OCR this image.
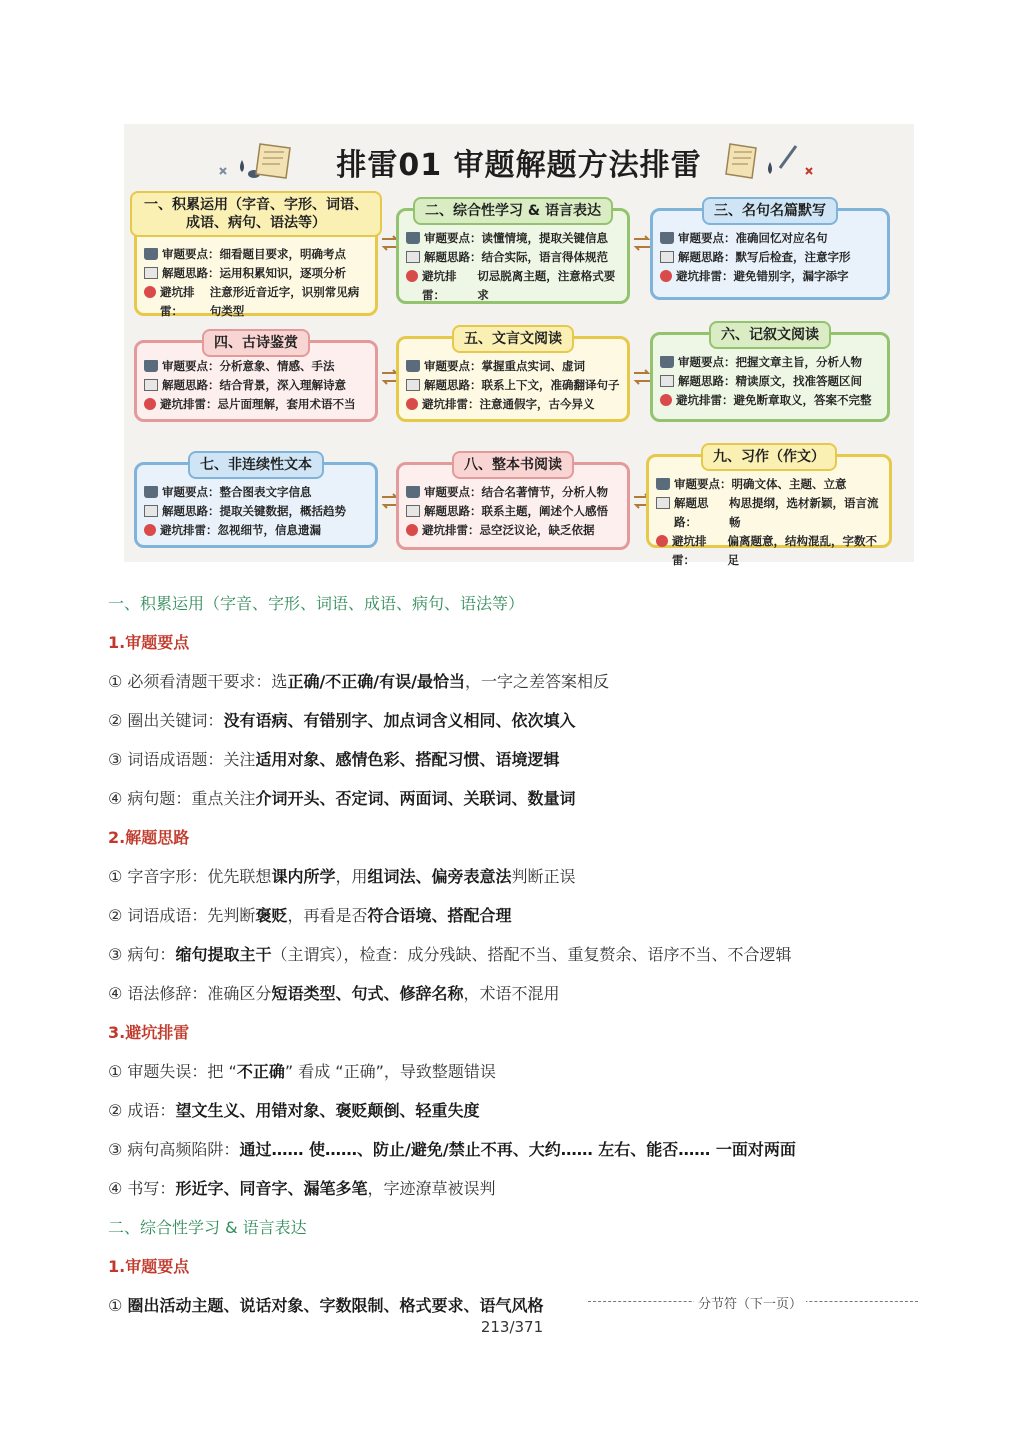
排雷01 审题解题方法排雷
一、积累运用（字音、字形、词语、成语、病句、语法等）
审题要点： 细看题目要求，明确考点
解题思路： 运用积累知识，逐项分析
避坑排雷：
注意形近音近字，识别常见病句类型
二、综合性学习 & 语言表达
审题要点： 读懂情境，提取关键信息
解题思路： 结合实际，语言得体规范
避坑排雷：
切忌脱离主题，注意格式要求
三、名句名篇默写
审题要点： 准确回忆对应名句
解题思路： 默写后检查，注意字形
避坑排雷： 避免错别字，漏字添字
四、古诗鉴赏
审题要点： 分析意象、情感、手法
解题思路： 结合背景，深入理解诗意
避坑排雷： 忌片面理解，套用术语不当
五、文言文阅读
审题要点： 掌握重点实词、虚词
解题思路： 联系上下文，准确翻译句子
避坑排雷： 注意通假字，古今异义
六、记叙文阅读
审题要点： 把握文章主旨，分析人物
解题思路： 精读原文，找准答题区间
避坑排雷： 避免断章取义，答案不完整
七、非连续性文本
审题要点： 整合图表文字信息
解题思路： 提取关键数据，概括趋势
避坑排雷： 忽视细节，信息遗漏
八、整本书阅读
审题要点： 结合名著情节，分析人物
解题思路： 联系主题，阐述个人感悟
避坑排雷： 忌空泛议论，缺乏依据
九、习作（作文）
审题要点： 明确文体、主题、立意
解题思路：
构思提纲，选材新颖，语言流畅
避坑排雷：
偏离题意，结构混乱，字数不足
一、积累运用（字音、字形、词语、成语、病句、语法等）
1.审题要点
① 必须看清题干要求：选正确/不正确/有误/最恰当，一字之差答案相反
② 圈出关键词：没有语病、有错别字、加点词含义相同、依次填入
③ 词语成语题：关注适用对象、感情色彩、搭配习惯、语境逻辑
④ 病句题：重点关注介词开头、否定词、两面词、关联词、数量词
2.解题思路
① 字音字形：优先联想课内所学，用组词法、偏旁表意法判断正误
② 词语成语：先判断褒贬，再看是否符合语境、搭配合理
③ 病句：缩句提取主干（主谓宾），检查：成分残缺、搭配不当、重复赘余、语序不当、不合逻辑
④ 语法修辞：准确区分短语类型、句式、修辞名称，术语不混用
3.避坑排雷
① 审题失误：把 “不正确” 看成 “正确”，导致整题错误
② 成语：望文生义、用错对象、褒贬颠倒、轻重失度
③ 病句高频陷阱：通过…… 使……、防止/避免/禁止不再、大约…… 左右、能否…… 一面对两面
④ 书写：形近字、同音字、漏笔多笔，字迹潦草被误判
二、综合性学习 & 语言表达
1.审题要点
① 圈出活动主题、说话对象、字数限制、格式要求、语气风格	分节符（下一页）
213/371
